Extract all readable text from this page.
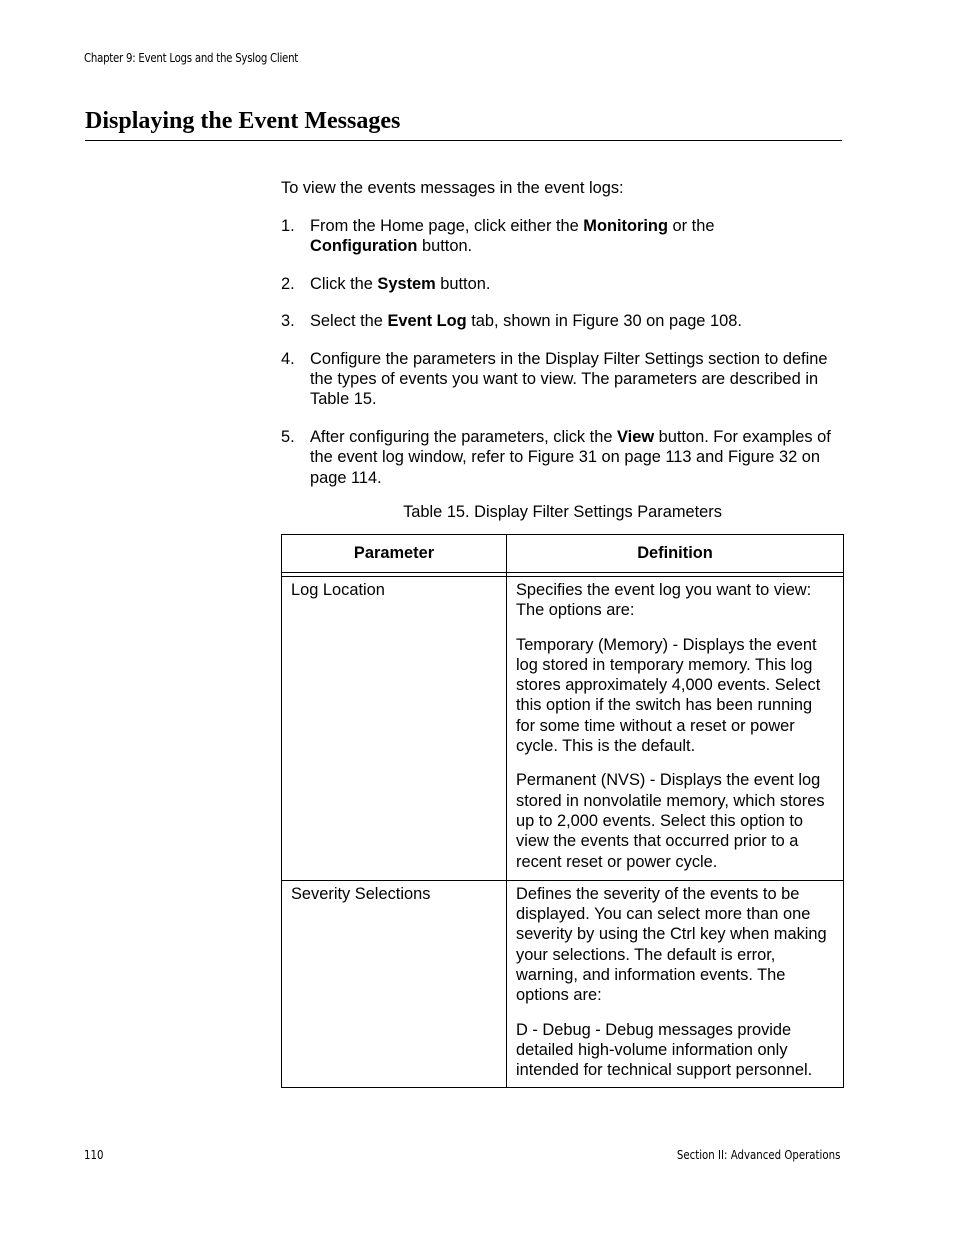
Chapter 9: Event Logs and the Syslog Client
Displaying the Event Messages
To view the events messages in the event logs:
1. From the Home page, click either the Monitoring or the
Configuration button.
2. Click the System button.
3. Select the Event Log tab, shown in Figure 30 on page 108.
4. Configure the parameters in the Display Filter Settings section to define the types of events you want to view. The parameters are described in Table 15.
5. After configuring the parameters, click the View button. For examples of the event log window, refer to Figure 31 on page 113 and Figure 32 on page 114.
Table 15. Display Filter Settings Parameters
Parameter	Definition

Log Location	Specifies the event log you want to view: The options are:

Temporary (Memory) - Displays the event log stored in temporary memory. This log stores approximately 4,000 events. Select this option if the switch has been running for some time without a reset or power cycle. This is the default.

Permanent (NVS) - Displays the event log stored in nonvolatile memory, which stores up to 2,000 events. Select this option to view the events that occurred prior to a recent reset or power cycle.

Severity Selections	Defines the severity of the events to be displayed. You can select more than one severity by using the Ctrl key when making your selections. The default is error, warning, and information events. The options are:

D - Debug - Debug messages provide detailed high-volume information only intended for technical support personnel.

110	Section II: Advanced Operations
